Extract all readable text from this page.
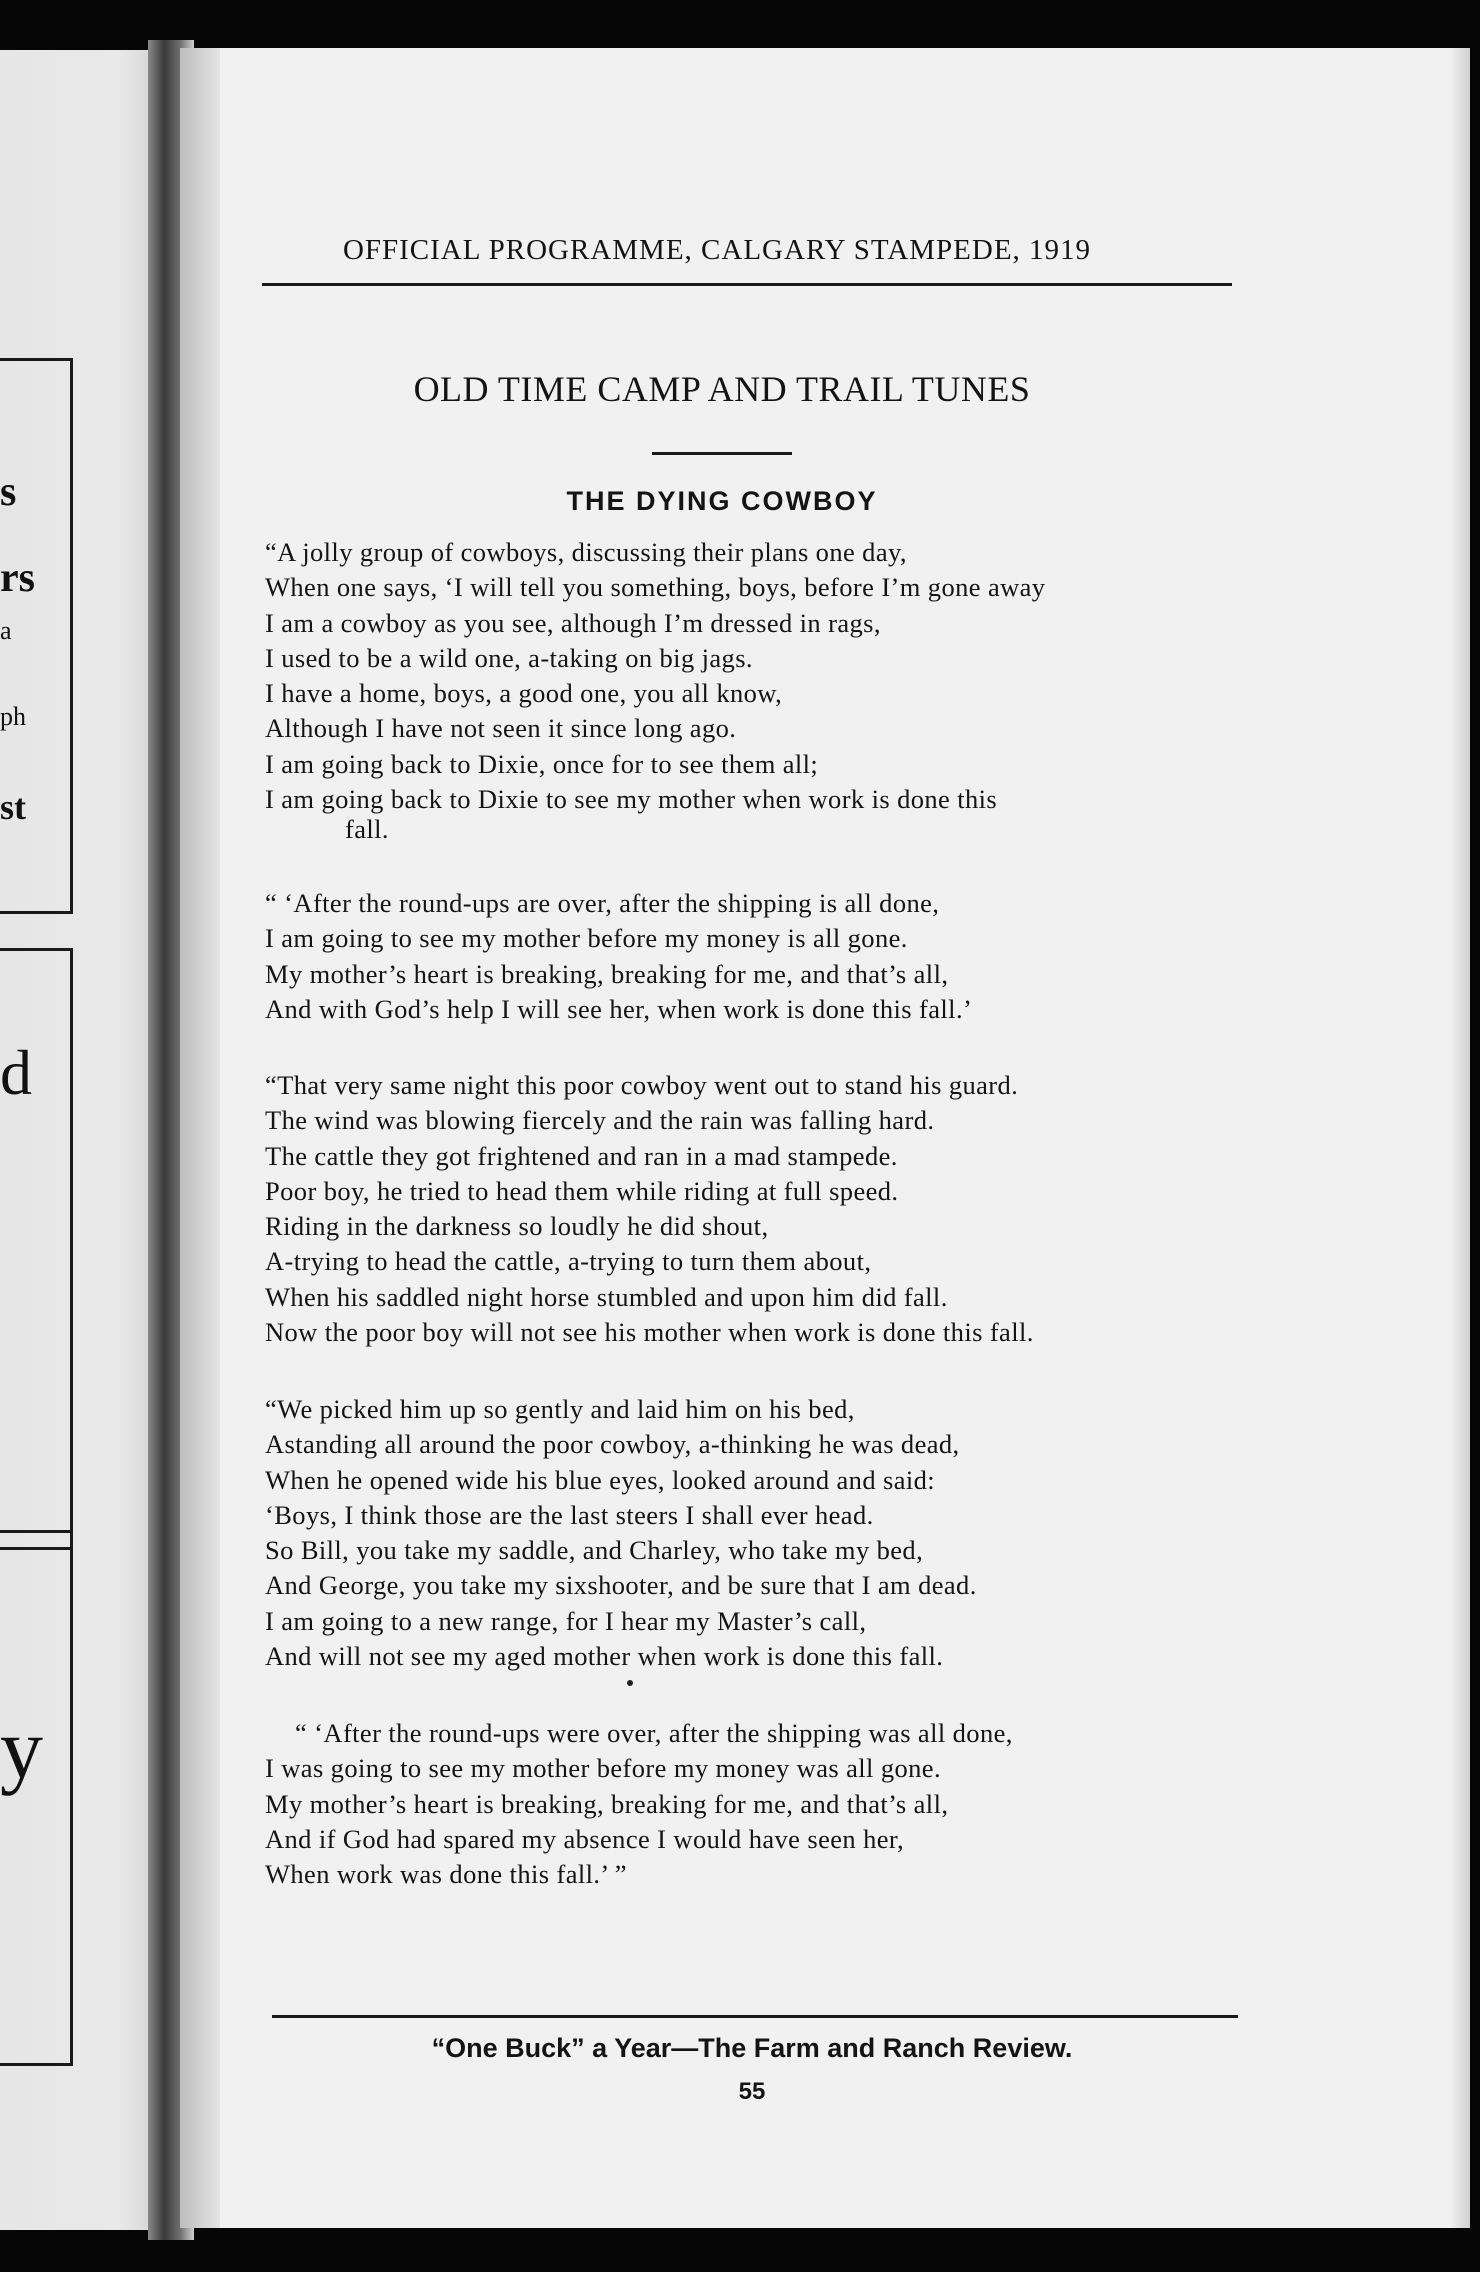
s
rs
a
ph
st
d
y
OFFICIAL PROGRAMME, CALGARY STAMPEDE, 1919
OLD TIME CAMP AND TRAIL TUNES
THE DYING COWBOY
“A jolly group of cowboys, discussing their plans one day,
When one says, ‘I will tell you something, boys, before I’m gone away
I am a cowboy as you see, although I’m dressed in rags,
I used to be a wild one, a-taking on big jags.
I have a home, boys, a good one, you all know,
Although I have not seen it since long ago.
I am going back to Dixie, once for to see them all;
I am going back to Dixie to see my mother when work is done this
fall.
“ ‘After the round-ups are over, after the shipping is all done,
I am going to see my mother before my money is all gone.
My mother’s heart is breaking, breaking for me, and that’s all,
And with God’s help I will see her, when work is done this fall.’
“That very same night this poor cowboy went out to stand his guard.
The wind was blowing fiercely and the rain was falling hard.
The cattle they got frightened and ran in a mad stampede.
Poor boy, he tried to head them while riding at full speed.
Riding in the darkness so loudly he did shout,
A-trying to head the cattle, a-trying to turn them about,
When his saddled night horse stumbled and upon him did fall.
Now the poor boy will not see his mother when work is done this fall.
“We picked him up so gently and laid him on his bed,
Astanding all around the poor cowboy, a-thinking he was dead,
When he opened wide his blue eyes, looked around and said:
‘Boys, I think those are the last steers I shall ever head.
So Bill, you take my saddle, and Charley, who take my bed,
And George, you take my sixshooter, and be sure that I am dead.
I am going to a new range, for I hear my Master’s call,
And will not see my aged mother when work is done this fall.
“ ‘After the round-ups were over, after the shipping was all done,
I was going to see my mother before my money was all gone.
My mother’s heart is breaking, breaking for me, and that’s all,
And if God had spared my absence I would have seen her,
When work was done this fall.’ ”
“One Buck” a Year—The Farm and Ranch Review.
55
